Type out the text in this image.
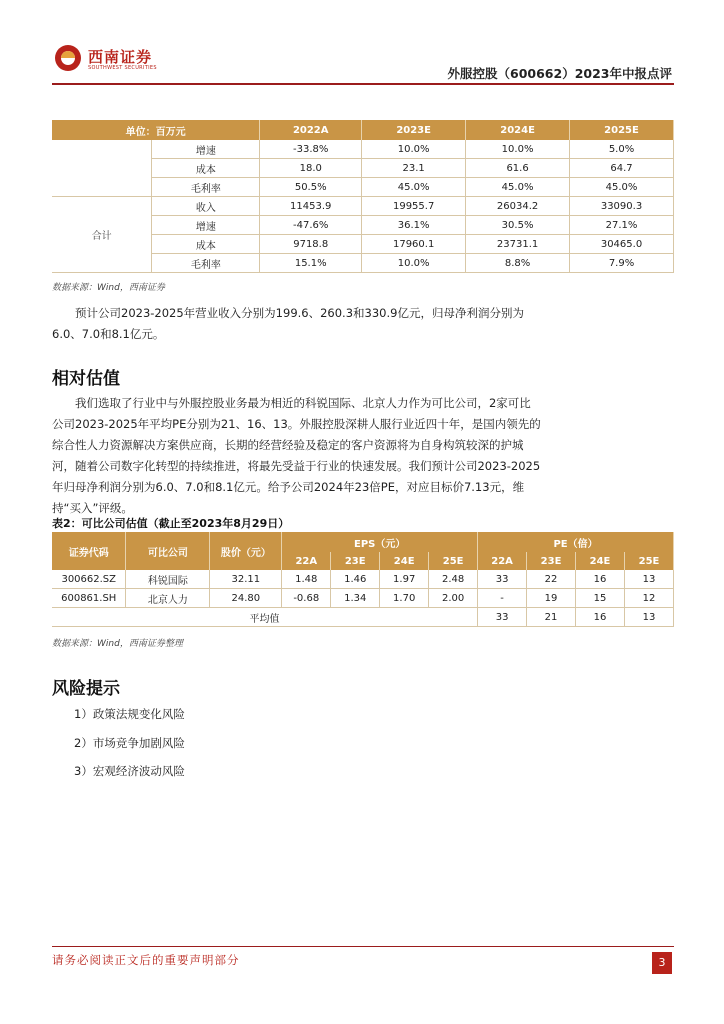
西南证券
SOUTHWEST SECURITIES	外服控股（600662）2023年中报点评
单位：百万元		2022A	2023E	2024E	2025E
	增速	-33.8%	10.0%	10.0%	5.0%
	成本	18.0	23.1	61.6	64.7
	毛利率	50.5%	45.0%	45.0%	45.0%
合计	收入	11453.9	19955.7	26034.2	33090.3
	增速	-47.6%	36.1%	30.5%	27.1%
	成本	9718.8	17960.1	23731.1	30465.0
	毛利率	15.1%	10.0%	8.8%	7.9%
数据来源：Wind，西南证券
预计公司2023-2025年营业收入分别为199.6、260.3和330.9亿元，归母净利润分别为6.0、7.0和8.1亿元。
相对估值
我们选取了行业中与外服控股业务最为相近的科锐国际、北京人力作为可比公司，2家可比公司2023-2025年平均PE分别为21、16、13。外服控股深耕人服行业近四十年，是国内领先的综合性人力资源解决方案供应商，长期的经营经验及稳定的客户资源将为自身构筑较深的护城河，随着公司数字化转型的持续推进，将最先受益于行业的快速发展。我们预计公司2023-2025年归母净利润分别为6.0、7.0和8.1亿元。给予公司2024年23倍PE，对应目标价7.13元，维持“买入”评级。
表2：可比公司估值（截止至2023年8月29日）
证券代码	可比公司	股价（元）	EPS（元）				PE（倍）			
			22A	23E	24E	25E	22A	23E	24E	25E
300662.SZ	科锐国际	32.11	1.48	1.46	1.97	2.48	33	22	16	13
600861.SH	北京人力	24.80	-0.68	1.34	1.70	2.00	-	19	15	12
平均值							33	21	16	13
数据来源：Wind，西南证券整理
风险提示
1）政策法规变化风险
2）市场竞争加剧风险
3）宏观经济波动风险
请务必阅读正文后的重要声明部分	3
